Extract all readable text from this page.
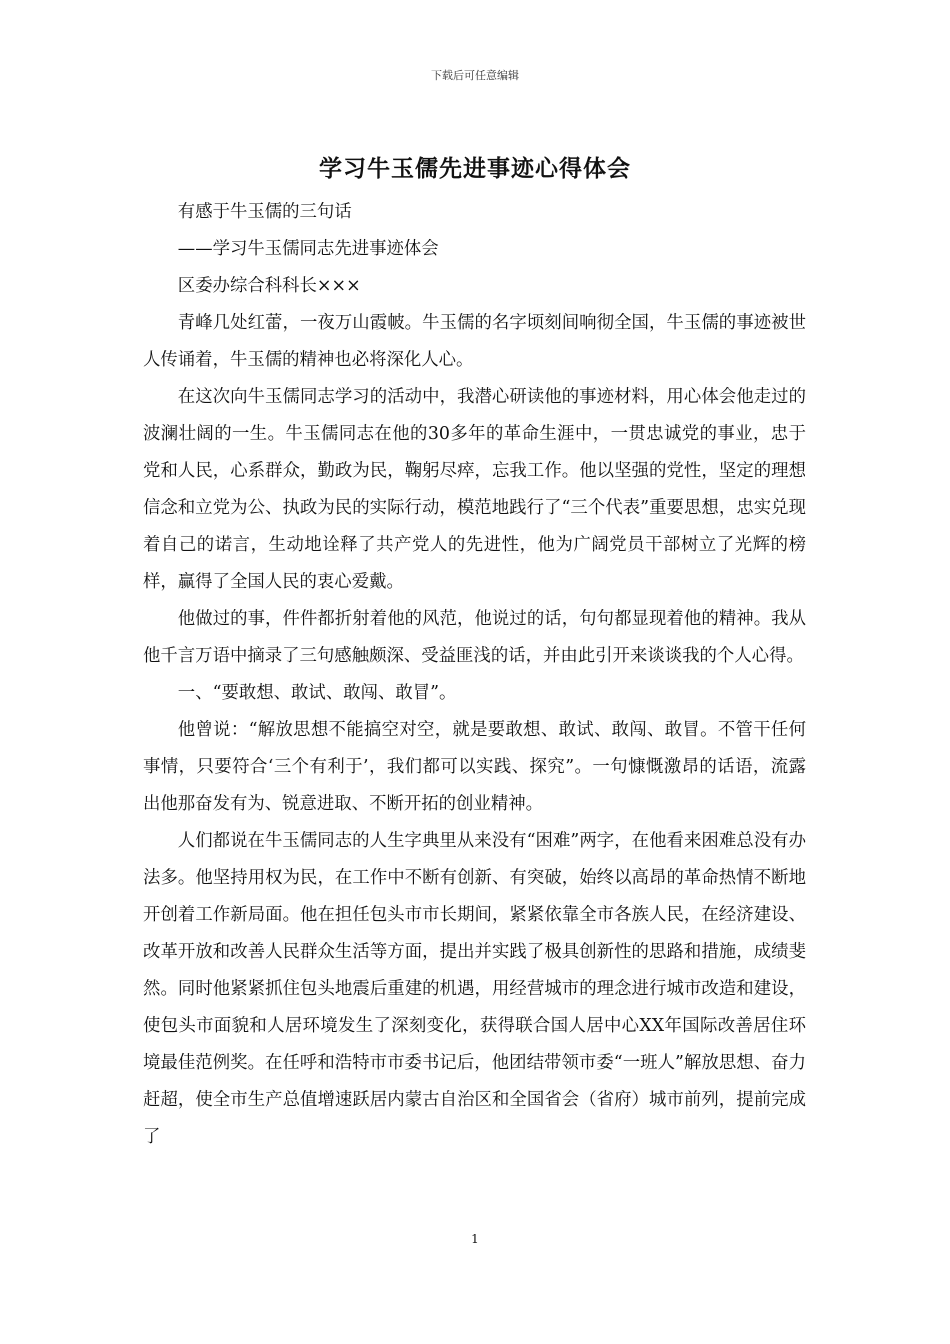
下载后可任意编辑
学习牛玉儒先进事迹心得体会

有感于牛玉儒的三句话

——学习牛玉儒同志先进事迹体会

区委办综合科科长×××

青峰几处红蕾，一夜万山霞帔。牛玉儒的名字顷刻间响彻全国，牛玉儒的事迹被世人传诵着，牛玉儒的精神也必将深化人心。

在这次向牛玉儒同志学习的活动中，我潜心研读他的事迹材料，用心体会他走过的波澜壮阔的一生。牛玉儒同志在他的30多年的革命生涯中，一贯忠诚党的事业，忠于党和人民，心系群众，勤政为民，鞠躬尽瘁，忘我工作。他以坚强的党性，坚定的理想信念和立党为公、执政为民的实际行动，模范地践行了“三个代表”重要思想，忠实兑现着自己的诺言，生动地诠释了共产党人的先进性，他为广阔党员干部树立了光辉的榜样，赢得了全国人民的衷心爱戴。

他做过的事，件件都折射着他的风范，他说过的话，句句都显现着他的精神。我从他千言万语中摘录了三句感触颇深、受益匪浅的话，并由此引开来谈谈我的个人心得。

一、“要敢想、敢试、敢闯、敢冒”。

他曾说：“解放思想不能搞空对空，就是要敢想、敢试、敢闯、敢冒。不管干任何事情，只要符合‘三个有利于’，我们都可以实践、探究”。一句慷慨激昂的话语，流露出他那奋发有为、锐意进取、不断开拓的创业精神。

人们都说在牛玉儒同志的人生字典里从来没有“困难”两字，在他看来困难总没有办法多。他坚持用权为民，在工作中不断有创新、有突破，始终以高昂的革命热情不断地开创着工作新局面。他在担任包头市市长期间，紧紧依靠全市各族人民，在经济建设、改革开放和改善人民群众生活等方面，提出并实践了极具创新性的思路和措施，成绩斐然。同时他紧紧抓住包头地震后重建的机遇，用经营城市的理念进行城市改造和建设，使包头市面貌和人居环境发生了深刻变化，获得联合国人居中心XX年国际改善居住环境最佳范例奖。在任呼和浩特市市委书记后，他团结带领市委“一班人”解放思想、奋力赶超，使全市生产总值增速跃居内蒙古自治区和全国省会（省府）城市前列，提前完成了

1
